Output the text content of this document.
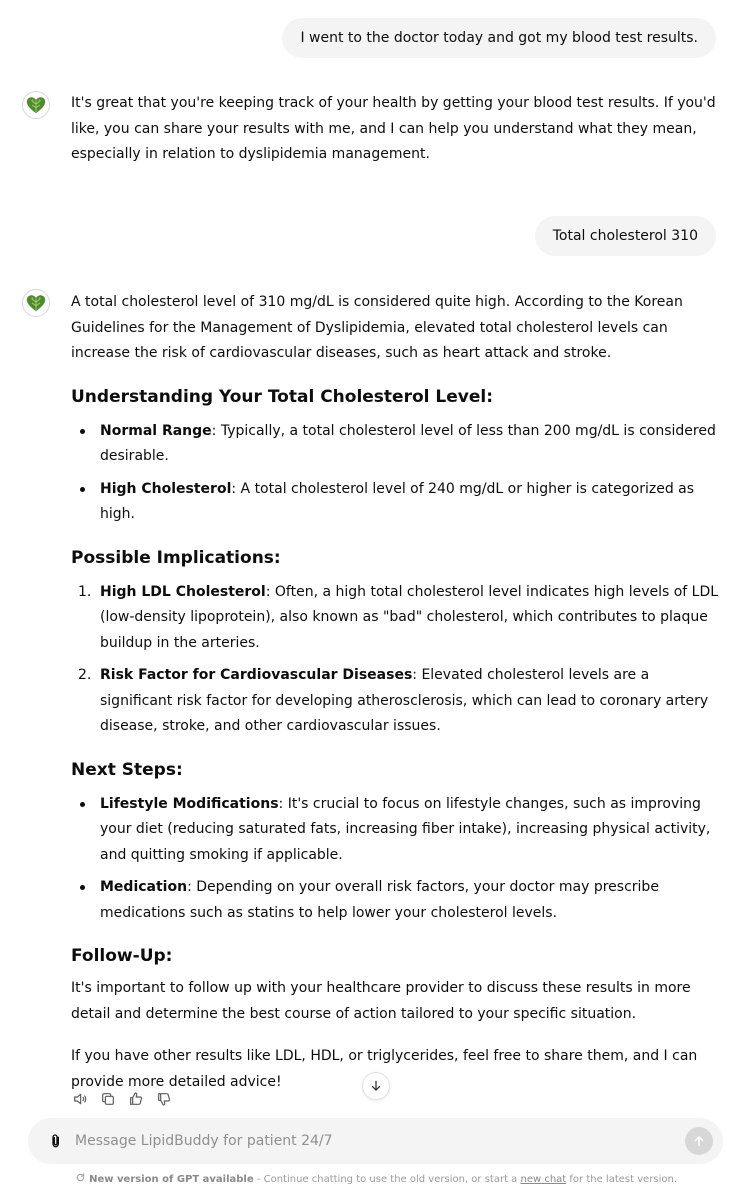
I went to the doctor today and got my blood test results.

It's great that you're keeping track of your health by getting your blood test results. If you'd like, you can share your results with me, and I can help you understand what they mean, especially in relation to dyslipidemia management.

Total cholesterol 310

A total cholesterol level of 310 mg/dL is considered quite high. According to the Korean Guidelines for the Management of Dyslipidemia, elevated total cholesterol levels can increase the risk of cardiovascular diseases, such as heart attack and stroke.

Understanding Your Total Cholesterol Level:
Normal Range: Typically, a total cholesterol level of less than 200 mg/dL is considered desirable.
High Cholesterol: A total cholesterol level of 240 mg/dL or higher is categorized as high.
Possible Implications:
1. High LDL Cholesterol: Often, a high total cholesterol level indicates high levels of LDL (low-density lipoprotein), also known as "bad" cholesterol, which contributes to plaque buildup in the arteries.
2. Risk Factor for Cardiovascular Diseases: Elevated cholesterol levels are a significant risk factor for developing atherosclerosis, which can lead to coronary artery disease, stroke, and other cardiovascular issues.
Next Steps:
Lifestyle Modifications: It's crucial to focus on lifestyle changes, such as improving your diet (reducing saturated fats, increasing fiber intake), increasing physical activity, and quitting smoking if applicable.
Medication: Depending on your overall risk factors, your doctor may prescribe medications such as statins to help lower your cholesterol levels.
Follow-Up:

It's important to follow up with your healthcare provider to discuss these results in more detail and determine the best course of action tailored to your specific situation.

If you have other results like LDL, HDL, or triglycerides, feel free to share them, and I can provide more detailed advice!

Message LipidBuddy for patient 24/7
New version of GPT available - Continue chatting to use the old version, or start a new chat for the latest version.
